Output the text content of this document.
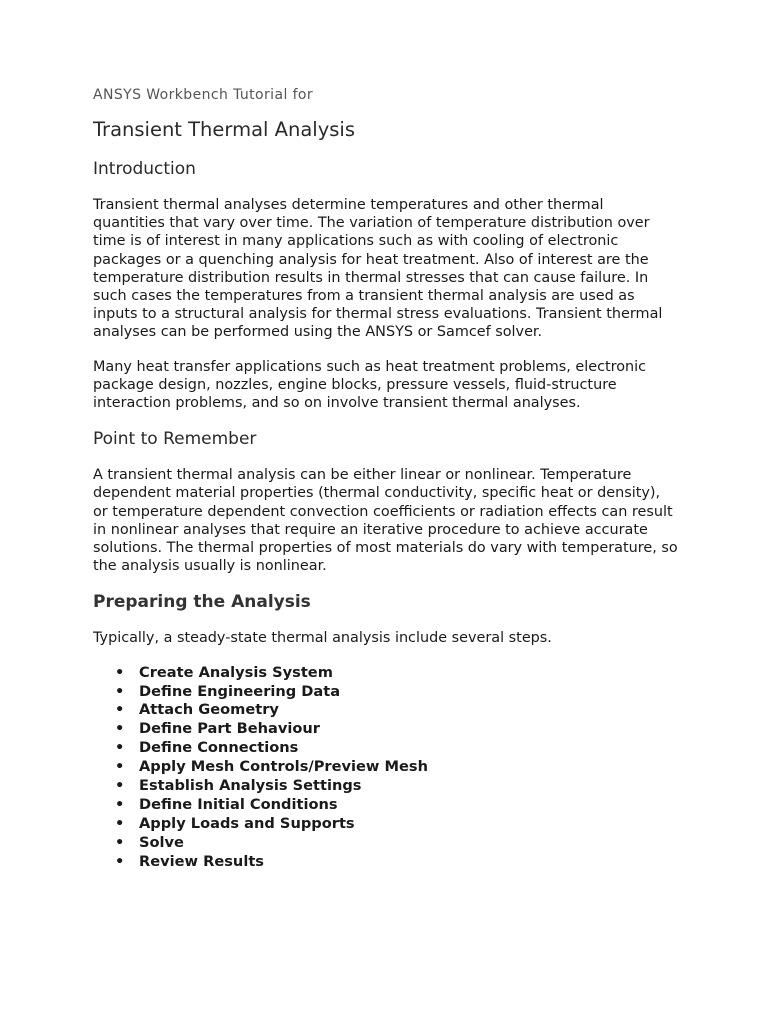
ANSYS Workbench Tutorial for
Transient Thermal Analysis
Introduction

Transient thermal analyses determine temperatures and other thermal quantities that vary over time. The variation of temperature distribution over time is of interest in many applications such as with cooling of electronic packages or a quenching analysis for heat treatment. Also of interest are the temperature distribution results in thermal stresses that can cause failure. In such cases the temperatures from a transient thermal analysis are used as inputs to a structural analysis for thermal stress evaluations. Transient thermal analyses can be performed using the ANSYS or Samcef solver.

Many heat transfer applications such as heat treatment problems, electronic package design, nozzles, engine blocks, pressure vessels, fluid-structure interaction problems, and so on involve transient thermal analyses.

Point to Remember

A transient thermal analysis can be either linear or nonlinear. Temperature dependent material properties (thermal conductivity, specific heat or density), or temperature dependent convection coefficients or radiation effects can result in nonlinear analyses that require an iterative procedure to achieve accurate solutions. The thermal properties of most materials do vary with temperature, so the analysis usually is nonlinear.

Preparing the Analysis

Typically, a steady-state thermal analysis include several steps.

• Create Analysis System
• Define Engineering Data
• Attach Geometry
• Define Part Behaviour
• Define Connections
• Apply Mesh Controls/Preview Mesh
• Establish Analysis Settings
• Define Initial Conditions
• Apply Loads and Supports
• Solve
• Review Results
